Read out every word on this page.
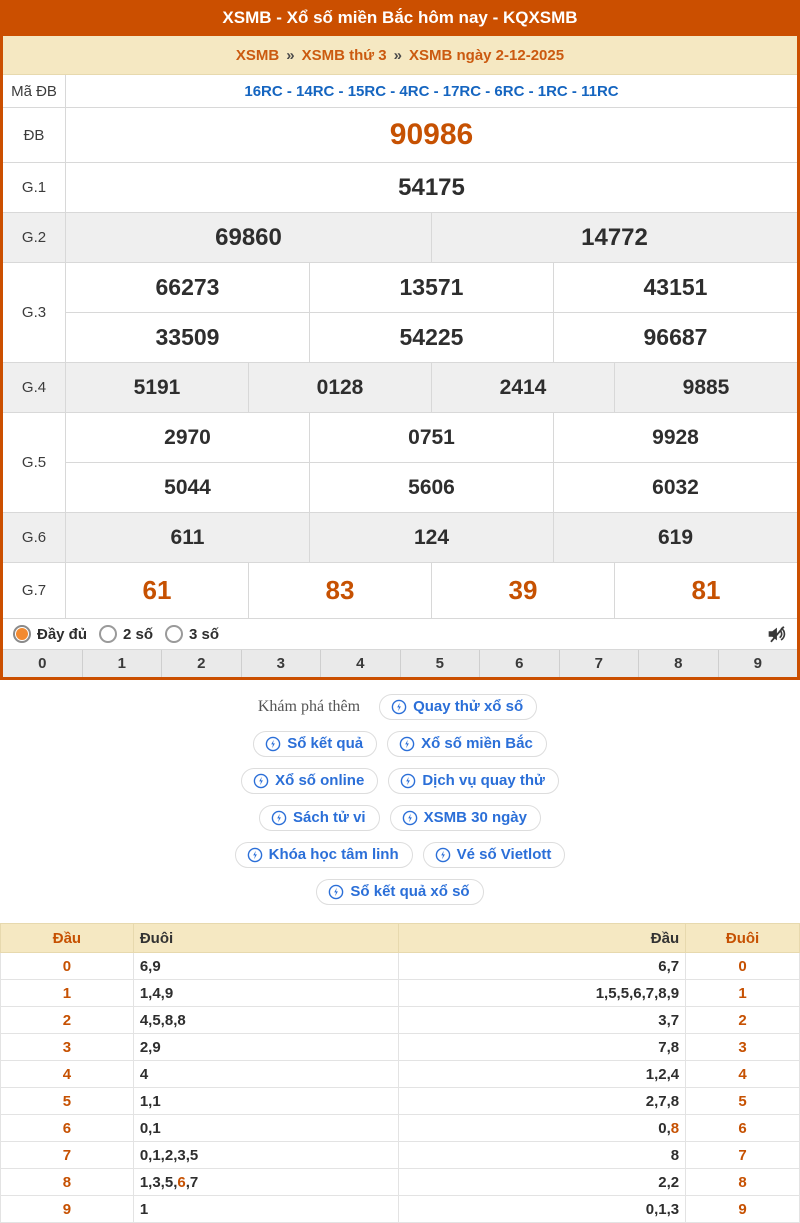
XSMB - Xổ số miền Bắc hôm nay - KQXSMB
XSMB » XSMB thứ 3 » XSMB ngày 2-12-2025
Mã ĐB	16RC - 14RC - 15RC - 4RC - 17RC - 6RC - 1RC - 11RC
ĐB	90986
G.1	54175
G.2	69860	14772
G.3
66273	13571	43151
33509	54225	96687
G.4	5191	0128	2414	9885
G.5
2970	0751	9928
5044	5606	6032
G.6	611	124	619
G.7	61	83	39	81
Đầy đủ 2 số 3 số
0	1	2	3	4	5	6	7	8	9
Khám phá thêm	Quay thử xổ số
Sổ kết quả	Xổ số miền Bắc
Xổ số online	Dịch vụ quay thử
Sách tử vi	XSMB 30 ngày
Khóa học tâm linh	Vé số Vietlott
Sổ kết quả xổ số
Đầu	Đuôi	Đầu	Đuôi
0	6,9	6,7	0
1	1,4,9	1,5,5,6,7,8,9	1
2	4,5,8,8	3,7	2
3	2,9	7,8	3
4	4	1,2,4	4
5	1,1	2,7,8	5
6	0,1	0,8	6
7	0,1,2,3,5	8	7
8	1,3,5,6,7	2,2	8
9	1	0,1,3	9
